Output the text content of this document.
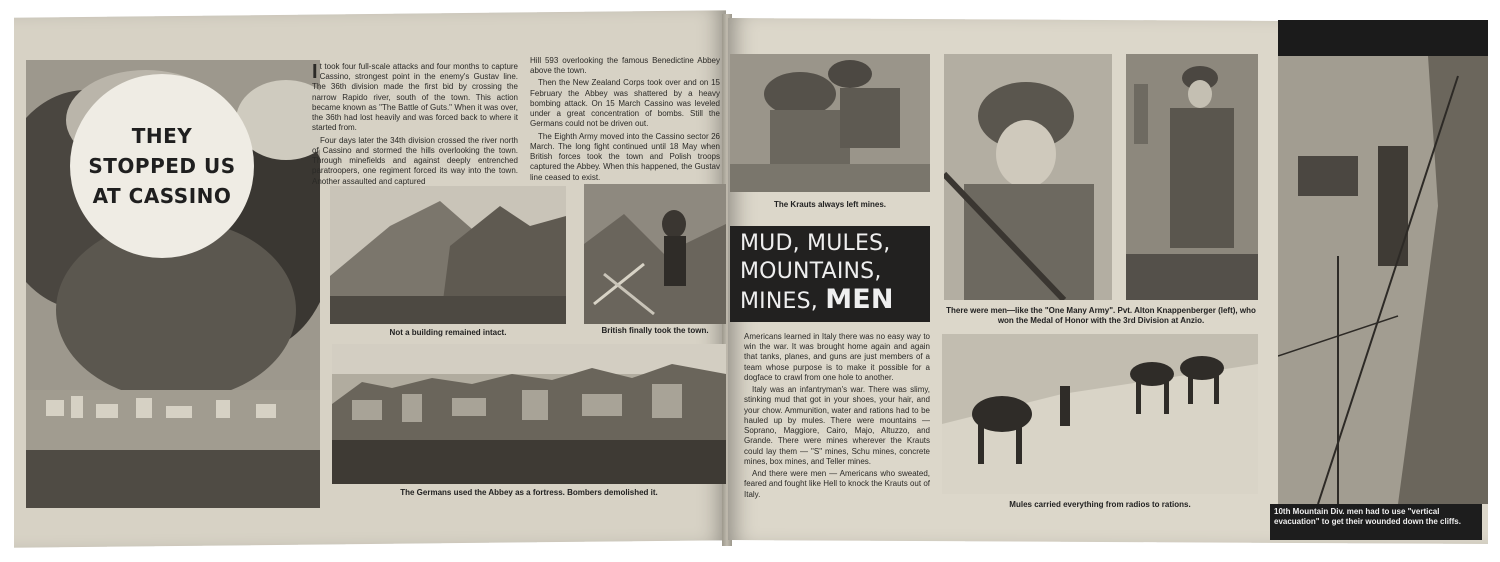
THEY
STOPPED US
AT CASSINO

It took four full-scale attacks and four months to capture Cassino, strongest point in the enemy's Gustav line. The 36th division made the first bid by crossing the narrow Rapido river, south of the town. This action became known as "The Battle of Guts." When it was over, the 36th had lost heavily and was forced back to where it started from.

Four days later the 34th division crossed the river north of Cassino and stormed the hills overlooking the town. Through minefields and against deeply entrenched paratroopers, one regiment forced its way into the town. Another assaulted and captured

Hill 593 overlooking the famous Benedictine Abbey above the town.

Then the New Zealand Corps took over and on 15 February the Abbey was shattered by a heavy bombing attack. On 15 March Cassino was leveled under a great concentration of bombs. Still the Germans could not be driven out.

The Eighth Army moved into the Cassino sector 26 March. The long fight continued until 18 May when British forces took the town and Polish troops captured the Abbey. When this happened, the Gustav line ceased to exist.

Not a building remained intact.	British finally took the town.
The Germans used the Abbey as a fortress. Bombers demolished it.
The Krauts always left mines.
MUD, MULES,
MOUNTAINS,
MINES, MEN

Americans learned in Italy there was no easy way to win the war. It was brought home again and again that tanks, planes, and guns are just members of a team whose purpose is to make it possible for a dogface to crawl from one hole to another.

Italy was an infantryman's war. There was slimy, stinking mud that got in your shoes, your hair, and your chow. Ammunition, water and rations had to be hauled up by mules. There were mountains — Soprano, Maggiore, Cairo, Majo, Altuzzo, and Grande. There were mines wherever the Krauts could lay them — "S" mines, Schu mines, concrete mines, box mines, and Teller mines.

And there were men — Americans who sweated, feared and fought like Hell to knock the Krauts out of Italy.

There were men—like the "One Many Army". Pvt. Alton Knappenberger (left), who won the Medal of Honor with the 3rd Division at Anzio.
Mules carried everything from radios to rations.
10th Mountain Div. men had to use "vertical evacuation" to get their wounded down the cliffs.
